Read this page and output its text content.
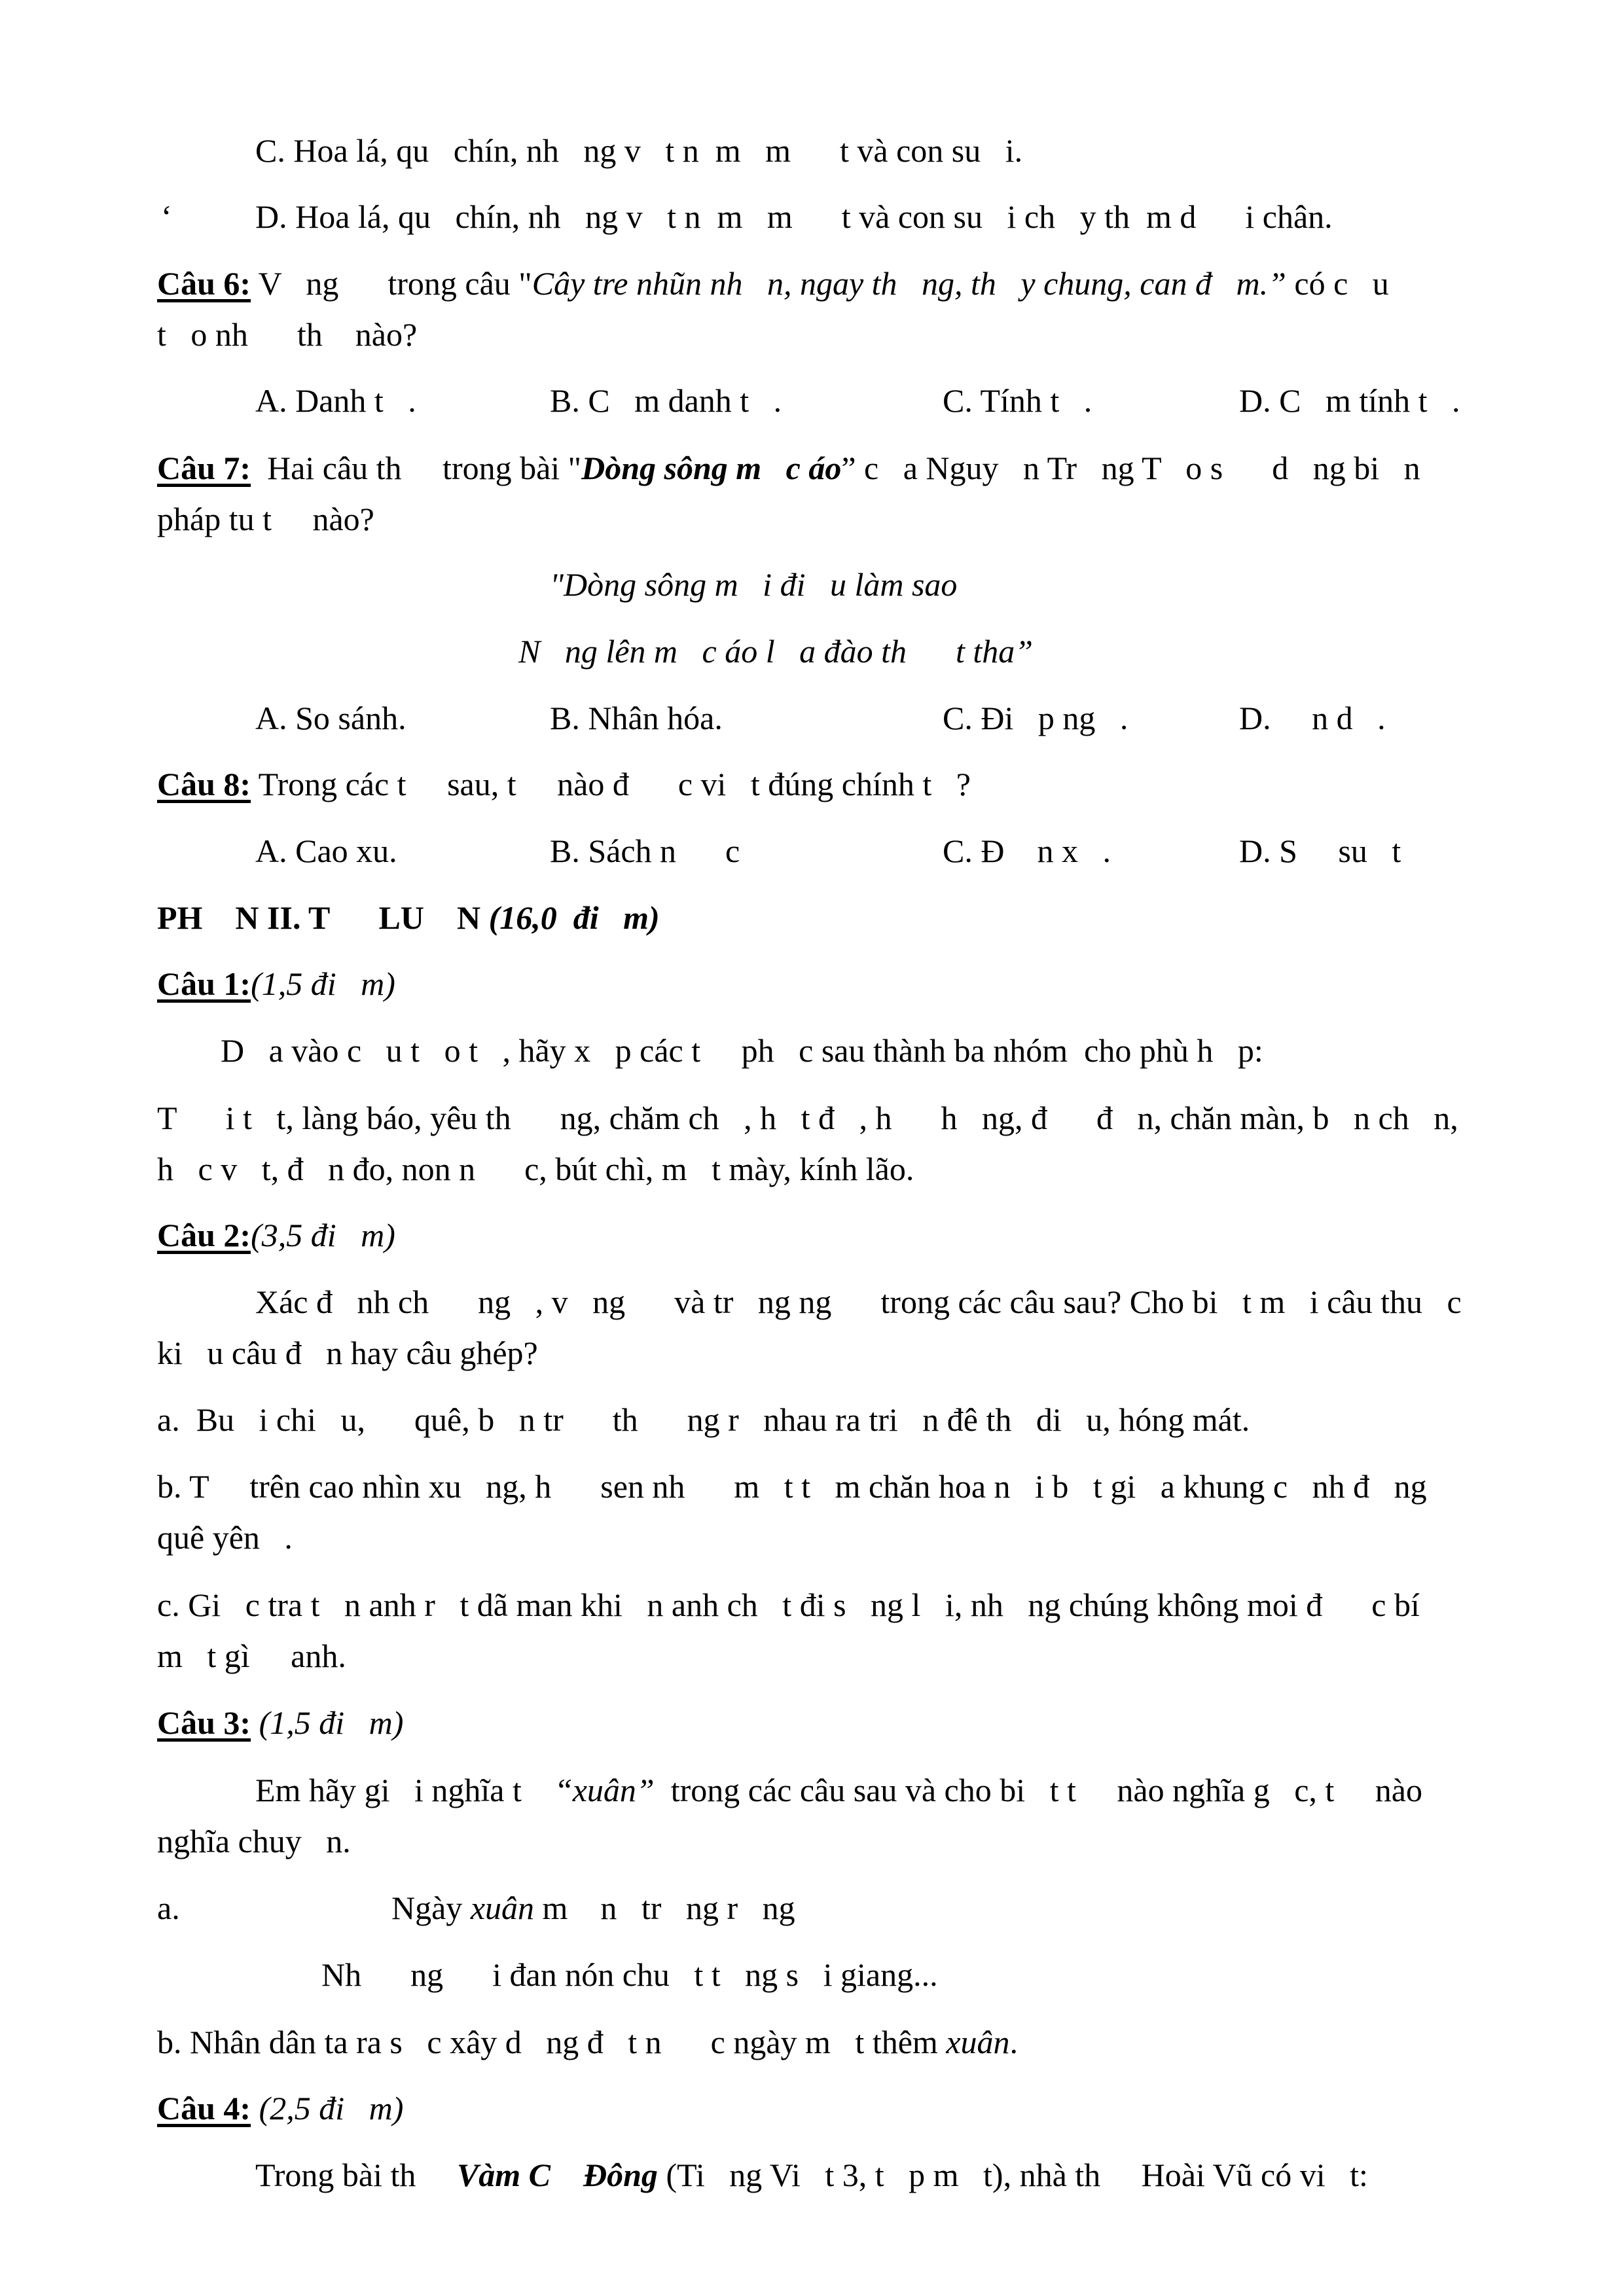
C. Hoa lá, qu   chín, nh   ng v   t n  m   m      t và con su   i.
‘	D. Hoa lá, qu   chín, nh   ng v   t n  m   m      t và con su   i ch   y th  m d      i chân.
Câu 6: V   ng      trong câu "Cây tre nhũn nh   n, ngay th   ng, th   y chung, can đ   m.” có c   u
t   o nh      th    nào?
A. Danh t   .	B. C   m danh t   .	C. Tính t   .	D. C   m tính t   .
Câu 7:  Hai câu th     trong bài "Dòng sông m   c áo” c   a Nguy   n Tr   ng T   o s      d   ng bi   n
pháp tu t     nào?
"Dòng sông m   i đi   u làm sao
N   ng lên m   c áo l   a đào th      t tha”
A. So sánh.	B. Nhân hóa.	C. Đi   p ng   .	D.     n d   .
Câu 8: Trong các t     sau, t     nào đ      c vi   t đúng chính t   ?
A. Cao xu.	B. Sách n      c	C. Đ    n x   .	D. S     su   t
PH    N II. T      LU    N (16,0  đi   m)
Câu 1:(1,5 đi   m)
D   a vào c   u t   o t   , hãy x   p các t     ph   c sau thành ba nhóm  cho phù h   p:
T      i t   t, làng báo, yêu th      ng, chăm ch   , h   t đ   , h      h   ng, đ      đ   n, chăn màn, b   n ch   n,
h   c v   t, đ   n đo, non n      c, bút chì, m   t mày, kính lão.
Câu 2:(3,5 đi   m)
Xác đ   nh ch      ng   , v   ng      và tr   ng ng      trong các câu sau? Cho bi   t m   i câu thu   c
ki   u câu đ   n hay câu ghép?
a.  Bu   i chi   u,      quê, b   n tr      th      ng r   nhau ra tri   n đê th   di   u, hóng mát.
b. T     trên cao nhìn xu   ng, h      sen nh      m   t t   m chăn hoa n   i b   t gi   a khung c   nh đ   ng
quê yên   .
c. Gi   c tra t   n anh r   t dã man khi   n anh ch   t đi s   ng l   i, nh   ng chúng không moi đ      c bí
m   t gì     anh.
Câu 3: (1,5 đi   m)
Em hãy gi   i nghĩa t    “xuân”  trong các câu sau và cho bi   t t     nào nghĩa g   c, t     nào
nghĩa chuy   n.
a.	Ngày xuân m    n   tr   ng r   ng
Nh      ng      i đan nón chu   t t   ng s   i giang...
b. Nhân dân ta ra s   c xây d   ng đ   t n      c ngày m   t thêm xuân.
Câu 4: (2,5 đi   m)
Trong bài th     Vàm C    Đông (Ti   ng Vi   t 3, t   p m   t), nhà th     Hoài Vũ có vi   t:
